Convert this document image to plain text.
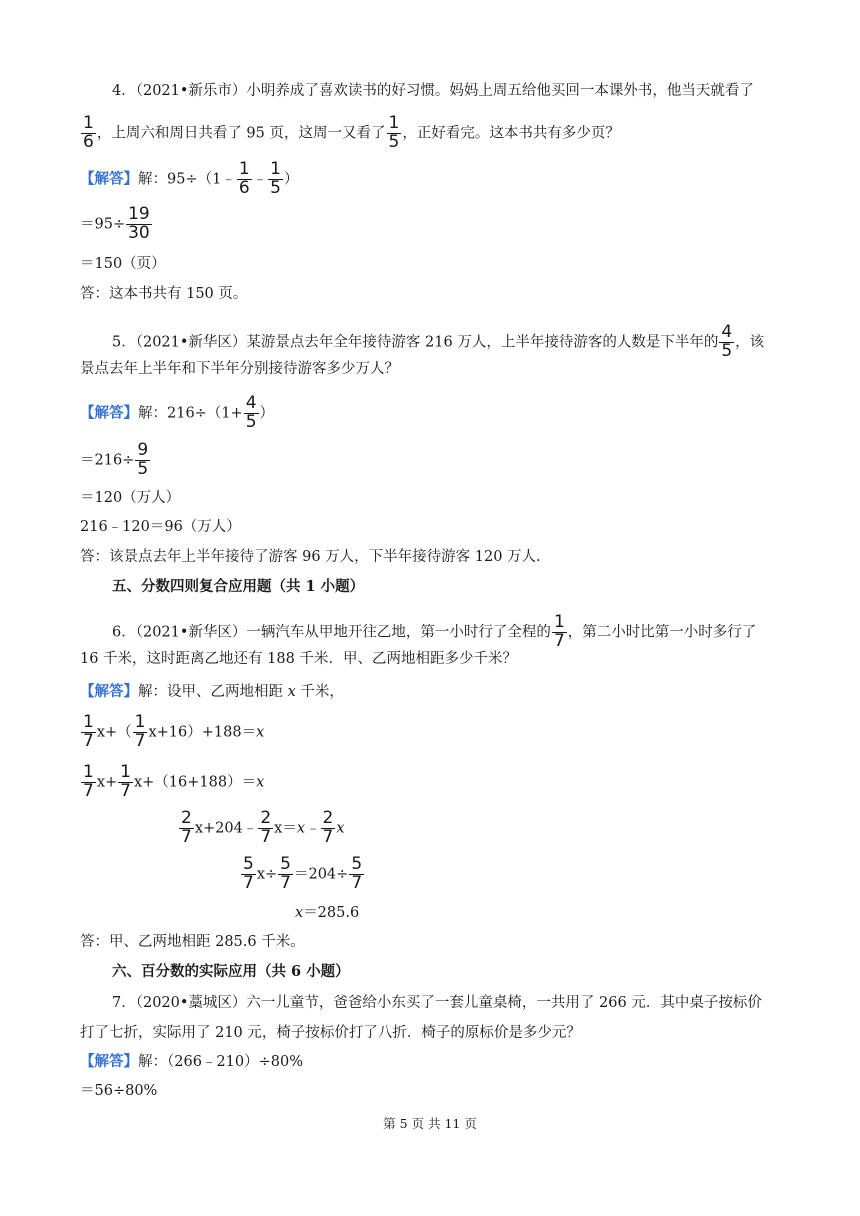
4．（2021•新乐市）小明养成了喜欢读书的好习惯。妈妈上周五给他买回一本课外书，他当天就看了
$\frac{1}{6}$ ，上周六和周日共看了 95 页，这周一又看了 $\frac{1}{5}$ ，正好看完。这本书共有多少页？
【解答】解：95÷（1﹣ $\frac{1}{6}$ ﹣ $\frac{1}{5}$ ）
$=95\div \frac{19}{30}$
＝150（页）
答：这本书共有 150 页。
5．（2021•新华区）某游景点去年全年接待游客 216 万人，上半年接待游客的人数是下半年的 $\frac{4}{5}$ ，该
景点去年上半年和下半年分别接待游客多少万人？
【解答】解：$216\div(1+ \frac{4}{5}$ ）
$=216\div \frac{9}{5}$
＝120（万人）
216﹣120＝96（万人）
答：该景点去年上半年接待了游客 96 万人，下半年接待游客 120 万人.
五、分数四则复合应用题（共 1 小题）
6．（2021•新华区）一辆汽车从甲地开往乙地，第一小时行了全程的 $\frac{1}{7}$ ，第二小时比第一小时多行了
16 千米，这时距离乙地还有 188 千米．甲、乙两地相距多少千米？
【解答】解：设甲、乙两地相距 x 千米，
$\frac{1}{7} x+( \frac{1}{7} x+16)+188=x$
$\frac{1}{7} x+ \frac{1}{7} x+(16+188)=x$
$\frac{2}{7}$ x+204﹣ $\frac{2}{7}$ x＝x﹣ $\frac{2}{7}$ x
$\frac{5}{7} x\div \frac{5}{7} =204\div \frac{5}{7}$
x＝285.6
答：甲、乙两地相距 285.6 千米。
六、百分数的实际应用（共 6 小题）
7．（2020•藁城区）六一儿童节，爸爸给小东买了一套儿童桌椅，一共用了 266 元．其中桌子按标价
打了七折，实际用了 210 元，椅子按标价打了八折．椅子的原标价是多少元？
【解答】解：（266﹣210）÷80%
＝56÷80%
第 5 页 共 11 页
